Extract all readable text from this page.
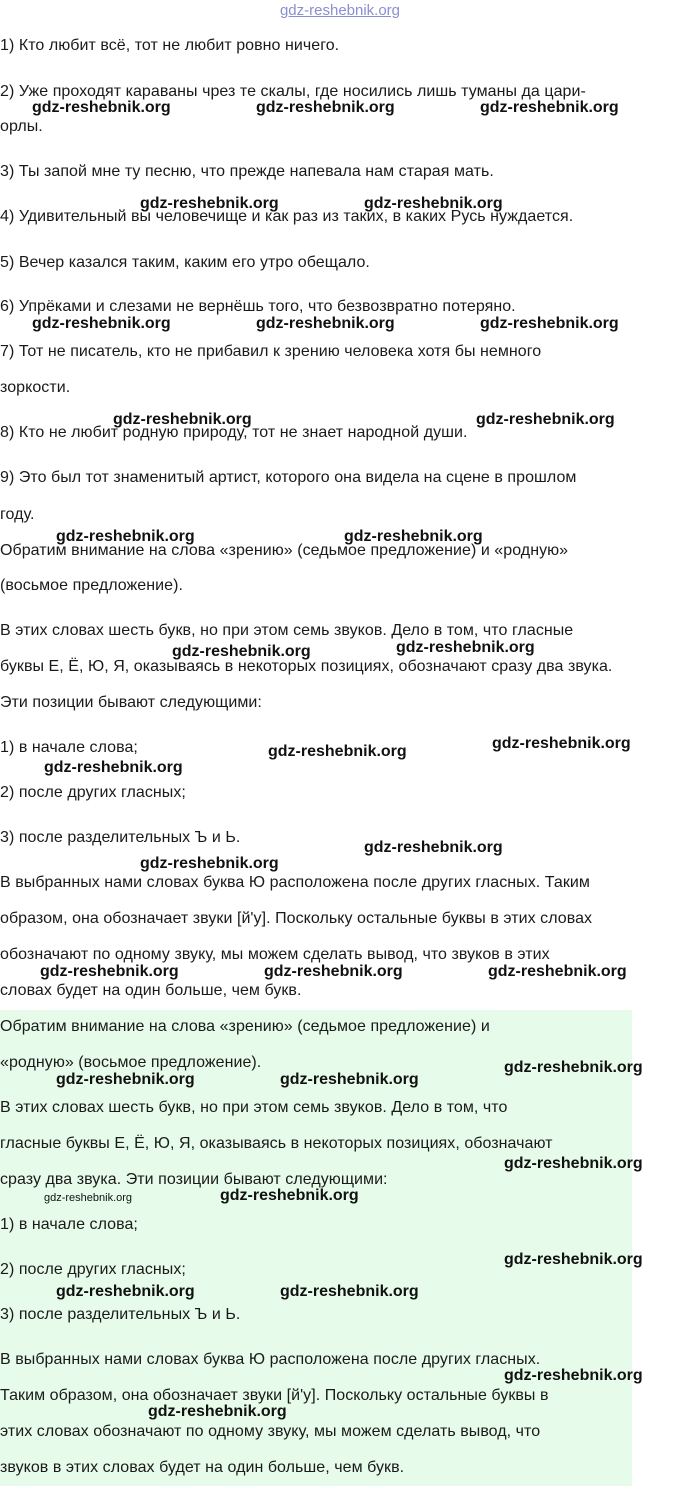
gdz-reshebnik.org
1) Кто любит всё, тот не любит ровно ничего.
2) Уже проходят караваны чрез те скалы, где носились лишь туманы да цари-
орлы.
3) Ты запой мне ту песню, что прежде напевала нам старая мать.
4) Удивительный вы человечище и как раз из таких, в каких Русь нуждается.
5) Вечер казался таким, каким его утро обещало.
6) Упрёками и слезами не вернёшь того, что безвозвратно потеряно.
7) Тот не писатель, кто не прибавил к зрению человека хотя бы немного
зоркости.
8) Кто не любит родную природу, тот не знает народной души.
9) Это был тот знаменитый артист, которого она видела на сцене в прошлом
году.
Обратим внимание на слова «зрению» (седьмое предложение) и «родную»
(восьмое предложение).
В этих словах шесть букв, но при этом семь звуков. Дело в том, что гласные
буквы Е, Ё, Ю, Я, оказываясь в некоторых позициях, обозначают сразу два звука.
Эти позиции бывают следующими:
1) в начале слова;
2) после других гласных;
3) после разделительных Ъ и Ь.
В выбранных нами словах буква Ю расположена после других гласных. Таким
образом, она обозначает звуки [й'у]. Поскольку остальные буквы в этих словах
обозначают по одному звуку, мы можем сделать вывод, что звуков в этих
словах будет на один больше, чем букв.
Обратим внимание на слова «зрению» (седьмое предложение) и
«родную» (восьмое предложение).
В этих словах шесть букв, но при этом семь звуков. Дело в том, что
гласные буквы Е, Ё, Ю, Я, оказываясь в некоторых позициях, обозначают
сразу два звука. Эти позиции бывают следующими:
1) в начале слова;
2) после других гласных;
3) после разделительных Ъ и Ь.
В выбранных нами словах буква Ю расположена после других гласных.
Таким образом, она обозначает звуки [й'у]. Поскольку остальные буквы в
этих словах обозначают по одному звуку, мы можем сделать вывод, что
звуков в этих словах будет на один больше, чем букв.
gdz-reshebnik.org	gdz-reshebnik.org	gdz-reshebnik.org
gdz-reshebnik.org	gdz-reshebnik.org
gdz-reshebnik.org	gdz-reshebnik.org	gdz-reshebnik.org
gdz-reshebnik.org	gdz-reshebnik.org
gdz-reshebnik.org	gdz-reshebnik.org
gdz-reshebnik.org	gdz-reshebnik.org
gdz-reshebnik.org	gdz-reshebnik.org
gdz-reshebnik.org
gdz-reshebnik.org
gdz-reshebnik.org
gdz-reshebnik.org	gdz-reshebnik.org	gdz-reshebnik.org
gdz-reshebnik.org	gdz-reshebnik.org
gdz-reshebnik.org
gdz-reshebnik.org
gdz-reshebnik.org	gdz-reshebnik.org
gdz-reshebnik.org
gdz-reshebnik.org	gdz-reshebnik.org
gdz-reshebnik.org
gdz-reshebnik.org
